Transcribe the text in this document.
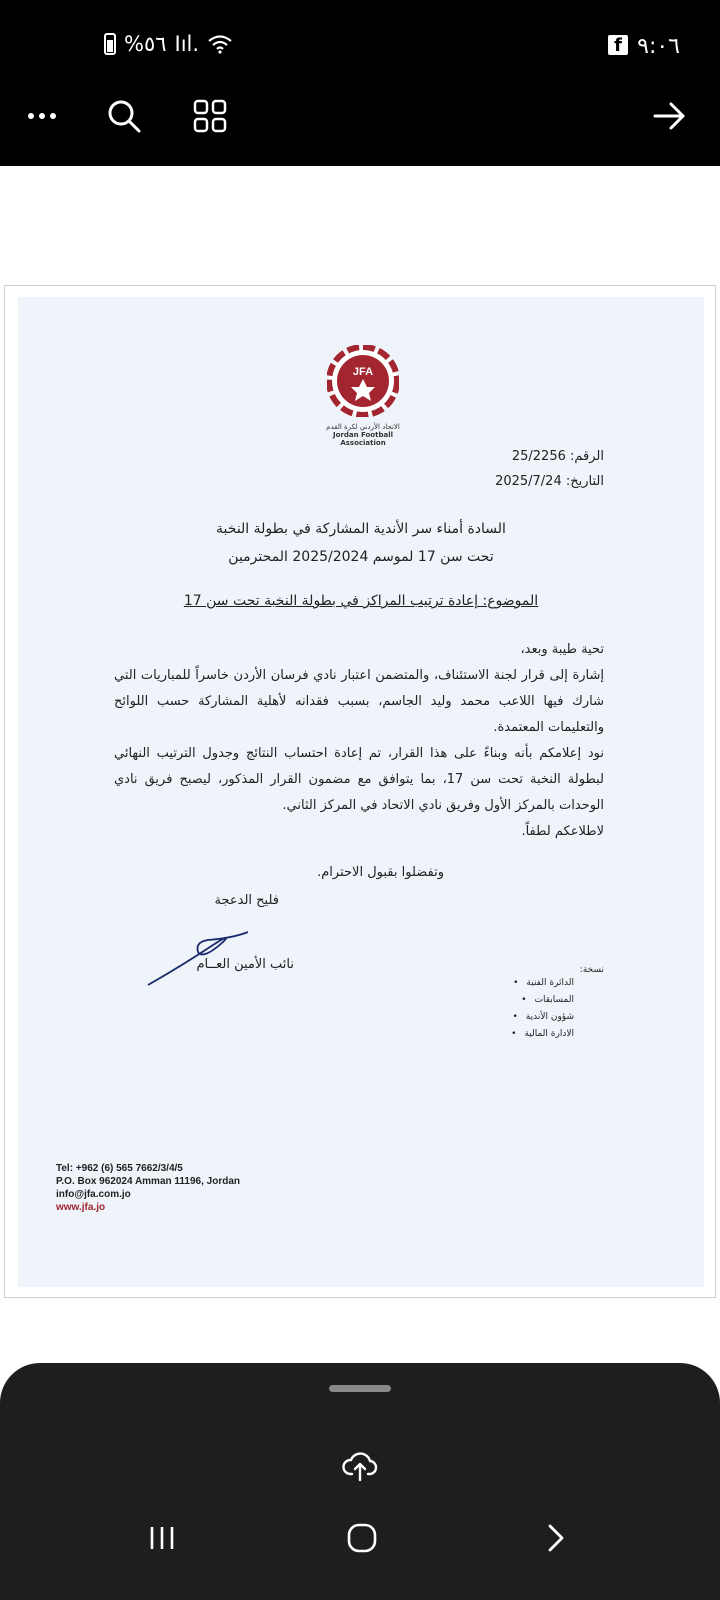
%٥٦ Iıl.	f ٩:٠٦
JFA
الاتحاد الأردني لكرة القدم
Jordan Football Association
الرقم: 25/2256
التاريخ: 2025/7/24
السادة أمناء سر الأندية المشاركة في بطولة النخبة
تحت سن 17 لموسم 2025/2024 المحترمين
الموضوع: إعادة ترتيب المراكز في بطولة النخبة تحت سن 17
تحية طيبة وبعد،
إشارة إلى قرار لجنة الاستئناف، والمتضمن اعتبار نادي فرسان الأردن خاسراً للمباريات التي شارك فيها اللاعب محمد وليد الجاسم، بسبب فقدانه لأهلية المشاركة حسب اللوائح والتعليمات المعتمدة.
نود إعلامكم بأنه وبناءً على هذا القرار، تم إعادة احتساب النتائج وجدول الترتيب النهائي لبطولة النخبة تحت سن 17، بما يتوافق مع مضمون القرار المذكور، ليصبح فريق نادي الوحدات بالمركز الأول وفريق نادي الاتحاد في المركز الثاني.
لاطلاعكم لطفاً.
وتفضلوا بقبول الاحترام.
فليح الدعجة
نائب الأمين العــام	نسخة:
الدائرة الفنية •
المسابقات •
شؤون الأندية •
الادارة المالية •
Tel: +962 (6) 565 7662/3/4/5
P.O. Box 962024 Amman 11196, Jordan
info@jfa.com.jo
www.jfa.jo
